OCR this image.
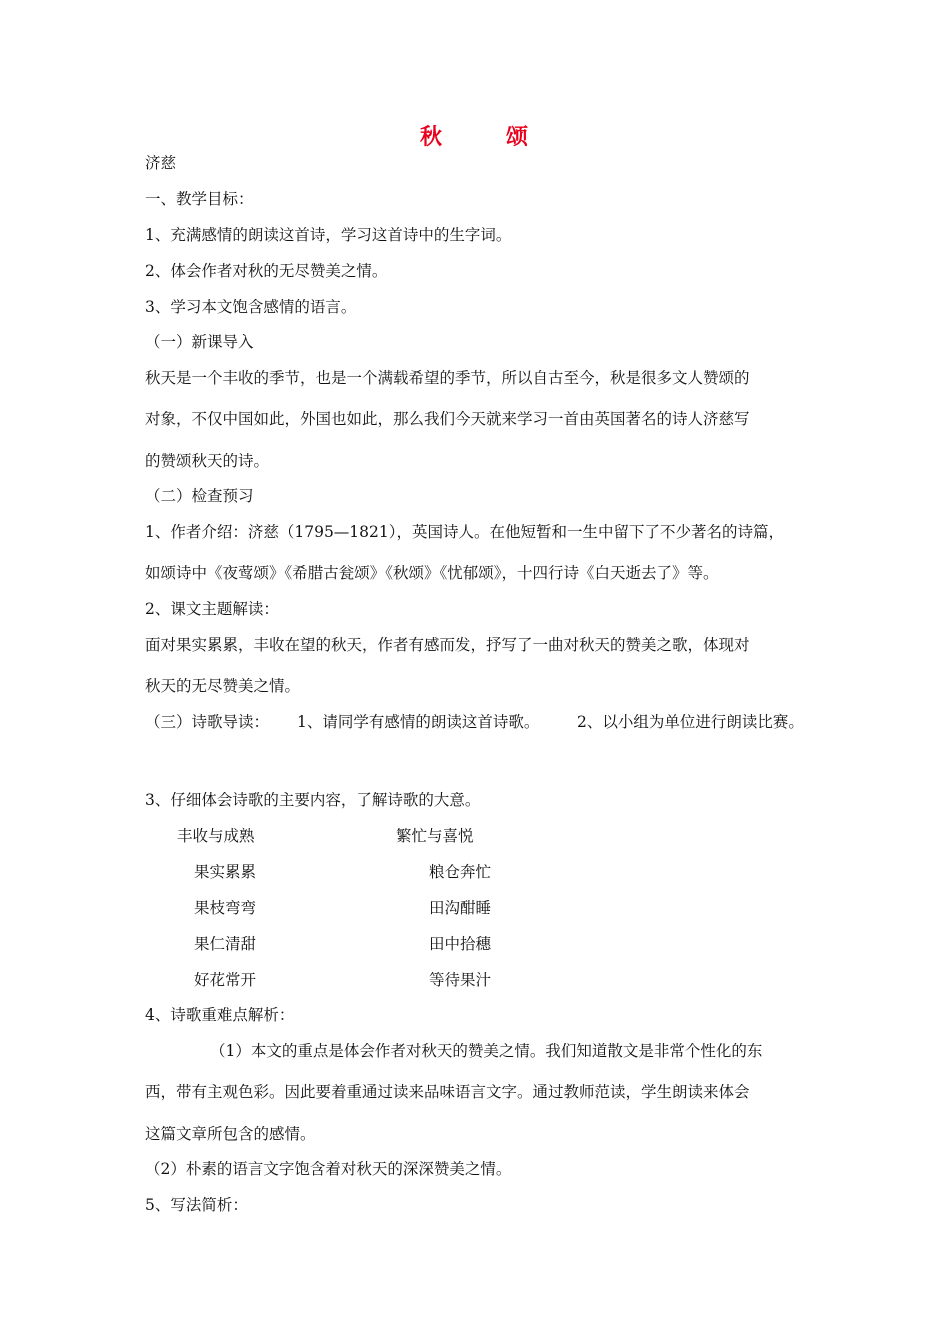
秋	颂
济慈
一、教学目标：
1、充满感情的朗读这首诗，学习这首诗中的生字词。
2、体会作者对秋的无尽赞美之情。
3、学习本文饱含感情的语言。
（一）新课导入
秋天是一个丰收的季节，也是一个满载希望的季节，所以自古至今，秋是很多文人赞颂的
对象，不仅中国如此，外国也如此，那么我们今天就来学习一首由英国著名的诗人济慈写
的赞颂秋天的诗。
（二）检查预习
1、作者介绍：济慈（1795—1821），英国诗人。在他短暂和一生中留下了不少著名的诗篇，
如颂诗中《夜莺颂》《希腊古瓮颂》《秋颂》《忧郁颂》，十四行诗《白天逝去了》等。
2、课文主题解读：
面对果实累累，丰收在望的秋天，作者有感而发，抒写了一曲对秋天的赞美之歌，体现对
秋天的无尽赞美之情。
（三）诗歌导读： 1、请同学有感情的朗读这首诗歌。 2、以小组为单位进行朗读比赛。
3、仔细体会诗歌的主要内容，了解诗歌的大意。
丰收与成熟	繁忙与喜悦
果实累累	粮仓奔忙
果枝弯弯	田沟酣睡
果仁清甜	田中拾穗
好花常开	等待果汁
4、诗歌重难点解析：
（1）本文的重点是体会作者对秋天的赞美之情。我们知道散文是非常个性化的东
西，带有主观色彩。因此要着重通过读来品味语言文字。通过教师范读，学生朗读来体会
这篇文章所包含的感情。
（2）朴素的语言文字饱含着对秋天的深深赞美之情。
5、写法简析：
